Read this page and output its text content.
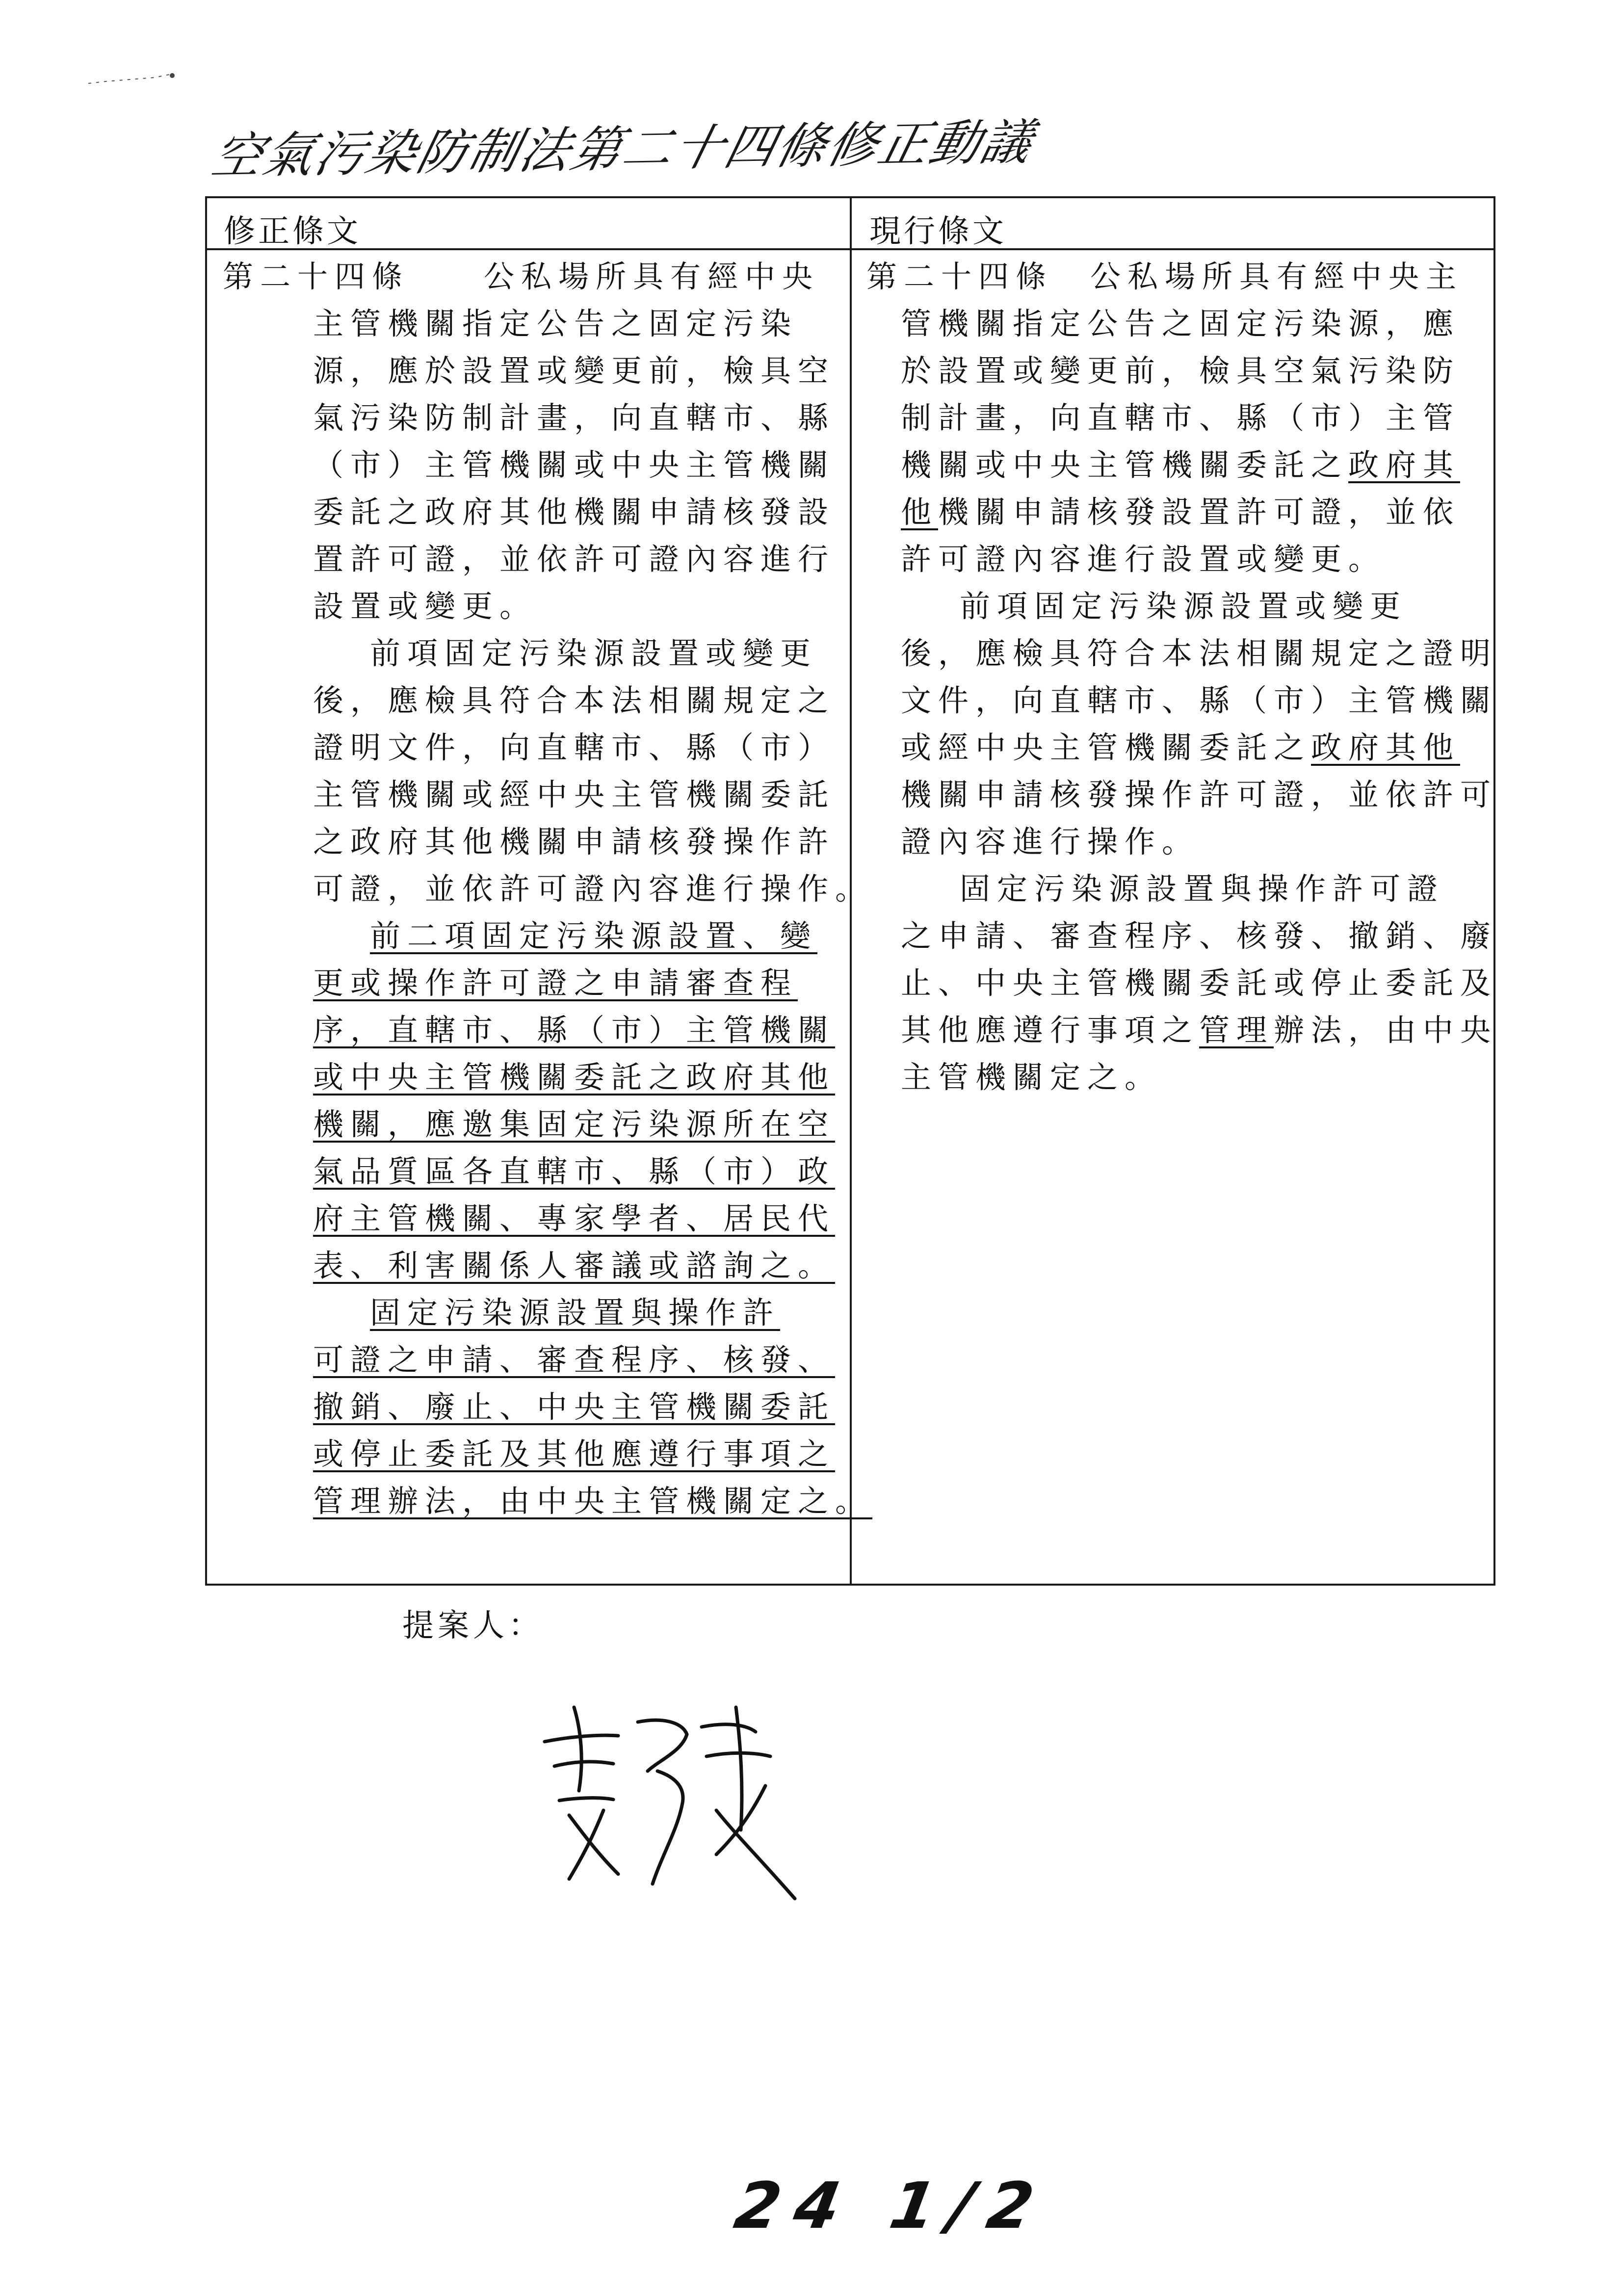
空氣污染防制法第二十四條修正動議
修正條文	現行條文
第二十四條　　公私場所具有經中央
主管機關指定公告之固定污染
源，應於設置或變更前，檢具空
氣污染防制計畫，向直轄市、縣
（市）主管機關或中央主管機關
委託之政府其他機關申請核發設
置許可證，並依許可證內容進行
設置或變更。
前項固定污染源設置或變更
後，應檢具符合本法相關規定之
證明文件，向直轄市、縣（市）
主管機關或經中央主管機關委託
之政府其他機關申請核發操作許
可證，並依許可證內容進行操作。
前二項固定污染源設置、變
更或操作許可證之申請審查程
序，直轄市、縣（市）主管機關
或中央主管機關委託之政府其他
機關，應邀集固定污染源所在空
氣品質區各直轄市、縣（市）政
府主管機關、專家學者、居民代
表、利害關係人審議或諮詢之。
固定污染源設置與操作許
可證之申請、審查程序、核發、
撤銷、廢止、中央主管機關委託
或停止委託及其他應遵行事項之
管理辦法，由中央主管機關定之。
第二十四條　公私場所具有經中央主
管機關指定公告之固定污染源，應
於設置或變更前，檢具空氣污染防
制計畫，向直轄市、縣（市）主管
機關或中央主管機關委託之政府其
他機關申請核發設置許可證，並依
許可證內容進行設置或變更。
前項固定污染源設置或變更
後，應檢具符合本法相關規定之證明
文件，向直轄市、縣（市）主管機關
或經中央主管機關委託之政府其他
機關申請核發操作許可證，並依許可
證內容進行操作。
固定污染源設置與操作許可證
之申請、審查程序、核發、撤銷、廢
止、中央主管機關委託或停止委託及
其他應遵行事項之管理辦法，由中央
主管機關定之。
提案人：
24 1/2
